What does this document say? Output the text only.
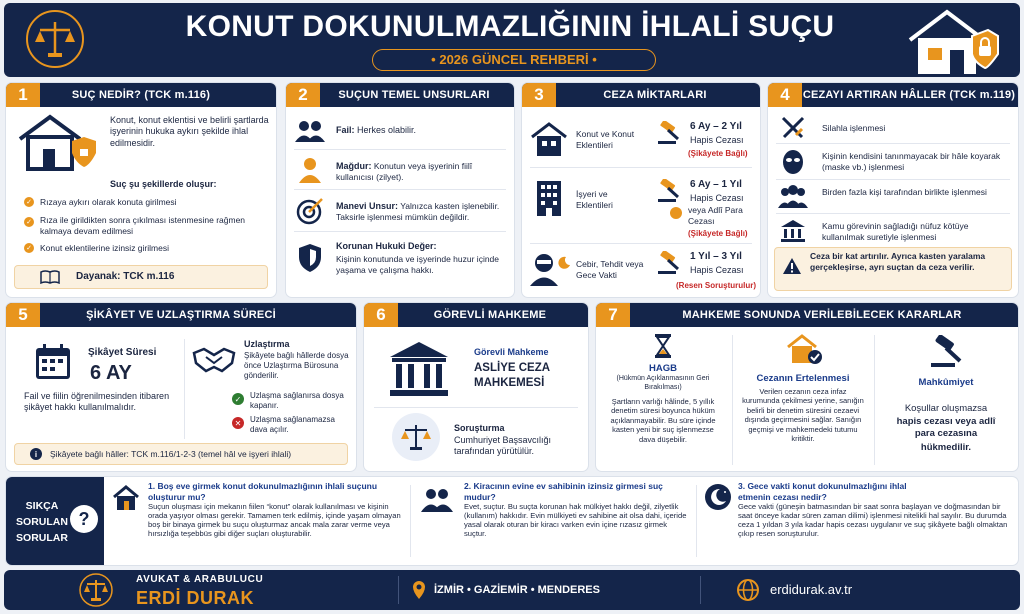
KONUT DOKUNULMAZLIĞININ İHLALİ SUÇU
• 2026 GÜNCEL REHBERİ •
SUÇ NEDİR? (TCK m.116)
1
Konut, konut eklentisi ve belirli şartlarda işyerinin hukuka aykırı şekilde ihlal edilmesidir.
Suç şu şekillerde oluşur:
✓ Rızaya aykırı olarak konuta girilmesi
✓ Rıza ile girildikten sonra çıkılması istenmesine rağmen kalmaya devam edilmesi
✓ Konut eklentilerine izinsiz girilmesi
Dayanak: TCK m.116
SUÇUN TEMEL UNSURLARI
2
Fail: Herkes olabilir.
Mağdur: Konutun veya işyerinin fiilî kullanıcısı (zilyet).
Manevi Unsur: Yalnızca kasten işlenebilir. Taksirle işlenmesi mümkün değildir.
Korunan Hukuki Değer:
Kişinin konutunda ve işyerinde huzur içinde yaşama ve çalışma hakkı.
CEZA MİKTARLARI
3
Konut ve Konut Eklentileri
6 Ay – 2 Yıl
Hapis Cezası
(Şikâyete Bağlı)
İşyeri ve Eklentileri
6 Ay – 1 Yıl
Hapis Cezası
veya Adlî Para Cezası
(Şikâyete Bağlı)
Cebir, Tehdit veya Gece Vakti
1 Yıl – 3 Yıl
Hapis Cezası
(Resen Soruşturulur)
CEZAYI ARTIRAN HÂLLER (TCK m.119)
4
Silahla işlenmesi
Kişinin kendisini tanınmayacak bir hâle koyarak (maske vb.) işlenmesi
Birden fazla kişi tarafından birlikte işlenmesi
Kamu görevinin sağladığı nüfuz kötüye kullanılmak suretiyle işlenmesi
Ceza bir kat artırılır. Ayrıca kasten yaralama gerçekleşirse, ayrı suçtan da ceza verilir.
ŞİKÂYET VE UZLAŞTIRMA SÜRECİ
5
Şikâyet Süresi
6 AY
Fail ve fiilin öğrenilmesinden itibaren şikâyet hakkı kullanılmalıdır.
Uzlaştırma
Şikâyete bağlı hâllerde dosya önce Uzlaştırma Bürosuna gönderilir.
✓	Uzlaşma sağlanırsa dosya kapanır.
✕	Uzlaşma sağlanamazsa dava açılır.
i	Şikâyete bağlı hâller: TCK m.116/1-2-3 (temel hâl ve işyeri ihlali)
GÖREVLİ MAHKEME
6
Görevli Mahkeme
ASLİYE CEZA MAHKEMESİ
Soruşturma
Cumhuriyet Başsavcılığı tarafından yürütülür.
MAHKEME SONUNDA VERİLEBİLECEK KARARLAR
7
HAGB
(Hükmün Açıklanmasının Geri Bırakılması)
Şartların varlığı hâlinde, 5 yıllık denetim süresi boyunca hüküm açıklanmayabilir. Bu süre içinde kasten yeni bir suç işlenmezse dava düşebilir.
Cezanın Ertelenmesi
Verilen cezanın ceza infaz kurumunda çekilmesi yerine, sanığın belirli bir denetim süresini cezaevi dışında geçirmesini sağlar. Sanığın geçmişi ve mahkemedeki tutumu kritiktir.
Mahkûmiyet
Koşullar oluşmazsa
hapis cezası veya adlî para cezasına
hükmedilir.
SIKÇA SORULAN SORULAR
?
1. Boş eve girmek konut dokunulmazlığının ihlali suçunu oluşturur mu?
Suçun oluşması için mekanın fiilen “konut” olarak kullanılması ve kişinin orada yaşıyor olması gerekir. Tamamen terk edilmiş, içinde yaşam olmayan boş bir binaya girmek bu suçu oluşturmaz ancak mala zarar verme veya hırsızlığa teşebbüs gibi diğer suçları oluşturabilir.
2. Kiracının evine ev sahibinin izinsiz girmesi suç mudur?
Evet, suçtur. Bu suçta korunan hak mülkiyet hakkı değil, zilyetlik (kullanım) hakkıdır. Evin mülkiyeti ev sahibine ait olsa dahi, içeride yasal olarak oturan bir kiracı varken evin içine rızasız girmek suçtur.
3. Gece vakti konut dokunulmazlığını ihlal etmenin cezası nedir?
Gece vakti (güneşin batmasından bir saat sonra başlayan ve doğmasından bir saat önceye kadar süren zaman dilimi) işlenmesi nitelikli hal sayılır. Bu durumda ceza 1 yıldan 3 yıla kadar hapis cezası uygulanır ve suç şikâyete bağlı olmaktan çıkıp resen soruşturulur.
AVUKAT & ARABULUCU
ERDİ DURAK	İZMİR • GAZİEMİR • MENDERES	erdidurak.av.tr
